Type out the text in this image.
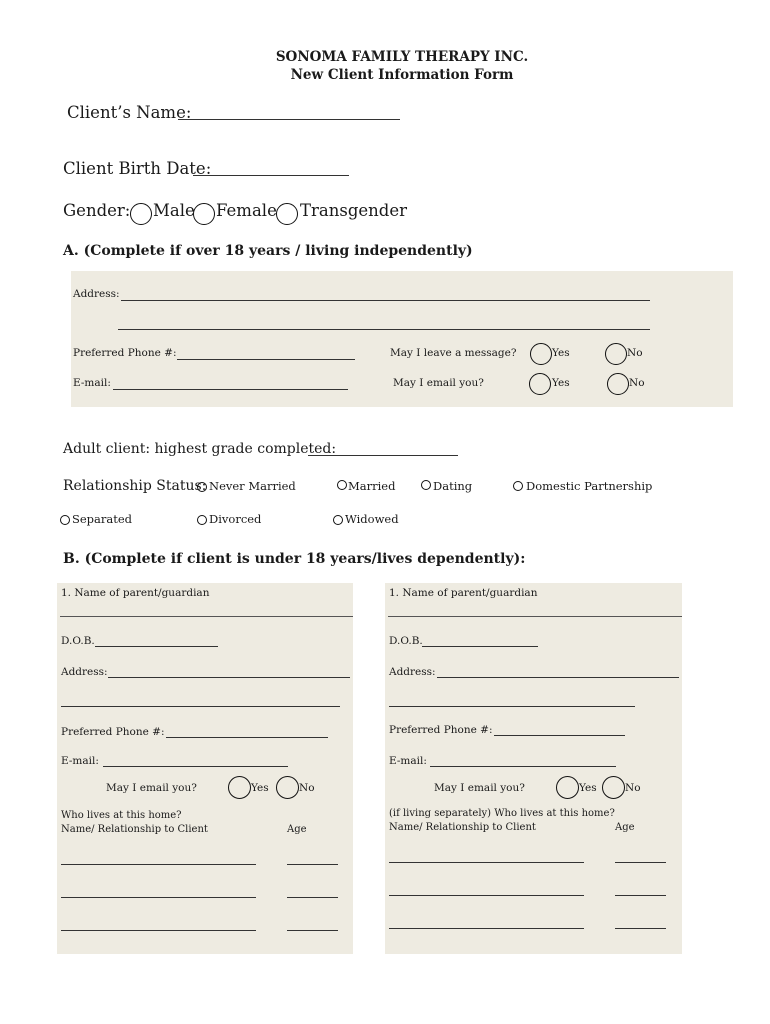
SONOMA FAMILY THERAPY INC.
New Client Information Form
Client’s Name:
Client Birth Date:
Gender: Male Female Transgender
A. (Complete if over 18 years / living independently)
Address:
Preferred Phone #:	May I leave a message?	Yes	No
E-mail:	May I email you?	Yes	No
Adult client: highest grade completed:
Relationship Status: Never Married	Married	Dating	Domestic Partnership
Separated	Divorced	Widowed
B. (Complete if client is under 18 years/lives dependently):
1. Name of parent/guardian
D.O.B.
Address:
Preferred Phone #:
E-mail:
May I email you?	Yes	No
Who lives at this home?
Name/ Relationship to Client	Age
1. Name of parent/guardian
D.O.B.
Address:
Preferred Phone #:
E-mail:
May I email you?	Yes	No
(if living separately) Who lives at this home?
Name/ Relationship to Client	Age
